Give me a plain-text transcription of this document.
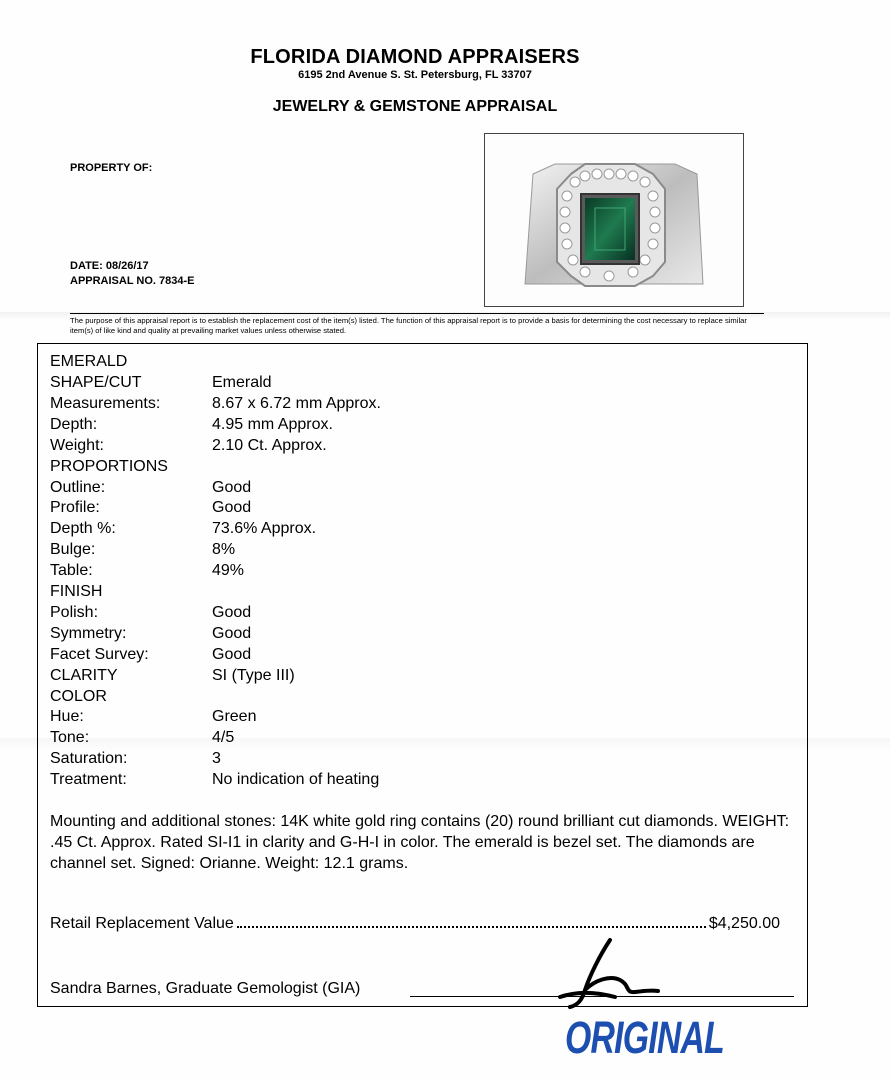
FLORIDA DIAMOND APPRAISERS
6195 2nd Avenue S. St. Petersburg, FL 33707
JEWELRY & GEMSTONE APPRAISAL
PROPERTY OF:
DATE: 08/26/17
APPRAISAL NO. 7834-E
The purpose of this appraisal report is to establish the replacement cost of the item(s) listed. The function of this appraisal report is to provide a basis for determining the cost necessary to replace similar item(s) of like kind and quality at prevailing market values unless otherwise stated.
EMERALD
SHAPE/CUT	Emerald
Measurements:	8.67 x 6.72 mm Approx.
Depth:	4.95 mm Approx.
Weight:	2.10 Ct. Approx.
PROPORTIONS
Outline:	Good
Profile:	Good
Depth %:	73.6% Approx.
Bulge:	8%
Table:	49%
FINISH
Polish:	Good
Symmetry:	Good
Facet Survey:	Good
CLARITY	SI (Type III)
COLOR
Hue:	Green
Tone:	4/5
Saturation:	3
Treatment:	No indication of heating
Mounting and additional stones: 14K white gold ring contains (20) round brilliant cut diamonds. WEIGHT: .45 Ct. Approx. Rated SI-I1 in clarity and G-H-I in color. The emerald is bezel set. The diamonds are channel set. Signed: Orianne. Weight: 12.1 grams.
Retail Replacement Value	$4,250.00
Sandra Barnes, Graduate Gemologist (GIA)
ORIGINAL
